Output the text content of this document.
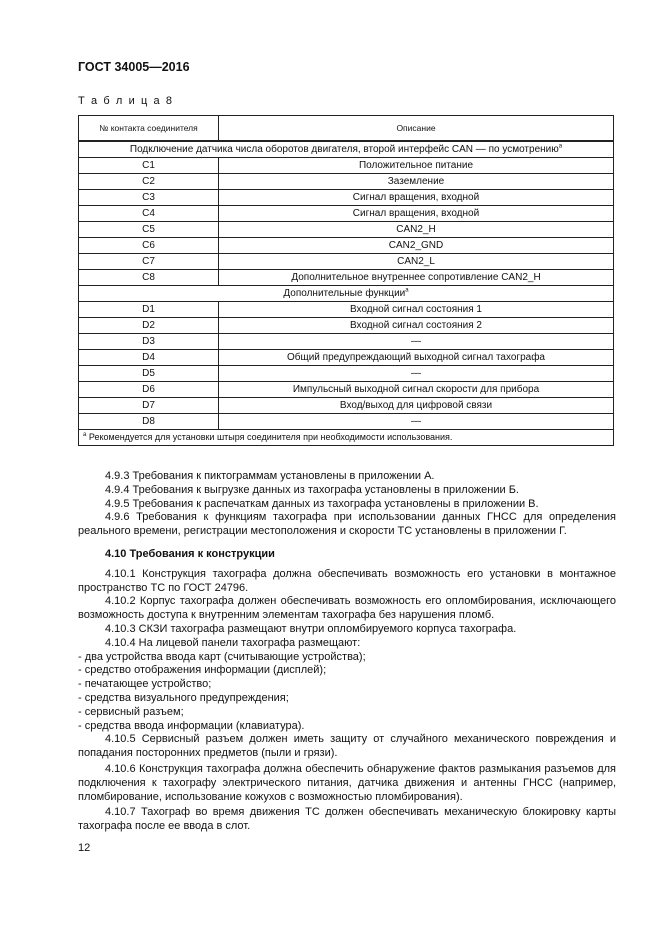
ГОСТ 34005—2016
Т а б л и ц а 8
№ контакта соединителя	Описание
Подключение датчика числа оборотов двигателя, второй интерфейс CAN — по усмотрению$^а$
C1	Положительное питание
C2	Заземление
C3	Сигнал вращения, входной
C4	Сигнал вращения, входной
C5	CAN2_H
C6	CAN2_GND
C7	CAN2_L
C8	Дополнительное внутреннее сопротивление CAN2_H
Дополнительные функции$^а$
D1	Входной сигнал состояния 1
D2	Входной сигнал состояния 2
D3	—
D4	Общий предупреждающий выходной сигнал тахографа
D5	—
D6	Импульсный выходной сигнал скорости для прибора
D7	Вход/выход для цифровой связи
D8	—
$^а$ Рекомендуется для установки штыря соединителя при необходимости использования.	

4.9.3 Требования к пиктограммам установлены в приложении А.

4.9.4 Требования к выгрузке данных из тахографа установлены в приложении Б.

4.9.5 Требования к распечаткам данных из тахографа установлены в приложении В.

4.9.6 Требования к функциям тахографа при использовании данных ГНСС для определения реального времени, регистрации местоположения и скорости ТС установлены в приложении Г.

4.10 Требования к конструкции

4.10.1 Конструкция тахографа должна обеспечивать возможность его установки в монтажное пространство ТС по ГОСТ 24796.

4.10.2 Корпус тахографа должен обеспечивать возможность его опломбирования, исключающего возможность доступа к внутренним элементам тахографа без нарушения пломб.

4.10.3 СКЗИ тахографа размещают внутри опломбируемого корпуса тахографа.

4.10.4 На лицевой панели тахографа размещают:

- два устройства ввода карт (считывающие устройства);

- средство отображения информации (дисплей);

- печатающее устройство;

- средства визуального предупреждения;

- сервисный разъем;

- средства ввода информации (клавиатура).

4.10.5 Сервисный разъем должен иметь защиту от случайного механического повреждения и попадания посторонних предметов (пыли и грязи).

4.10.6 Конструкция тахографа должна обеспечить обнаружение фактов размыкания разъемов для подключения к тахографу электрического питания, датчика движения и антенны ГНСС (например, пломбирование, использование кожухов с возможностью пломбирования).

4.10.7 Тахограф во время движения ТС должен обеспечивать механическую блокировку карты тахографа после ее ввода в слот.

12
